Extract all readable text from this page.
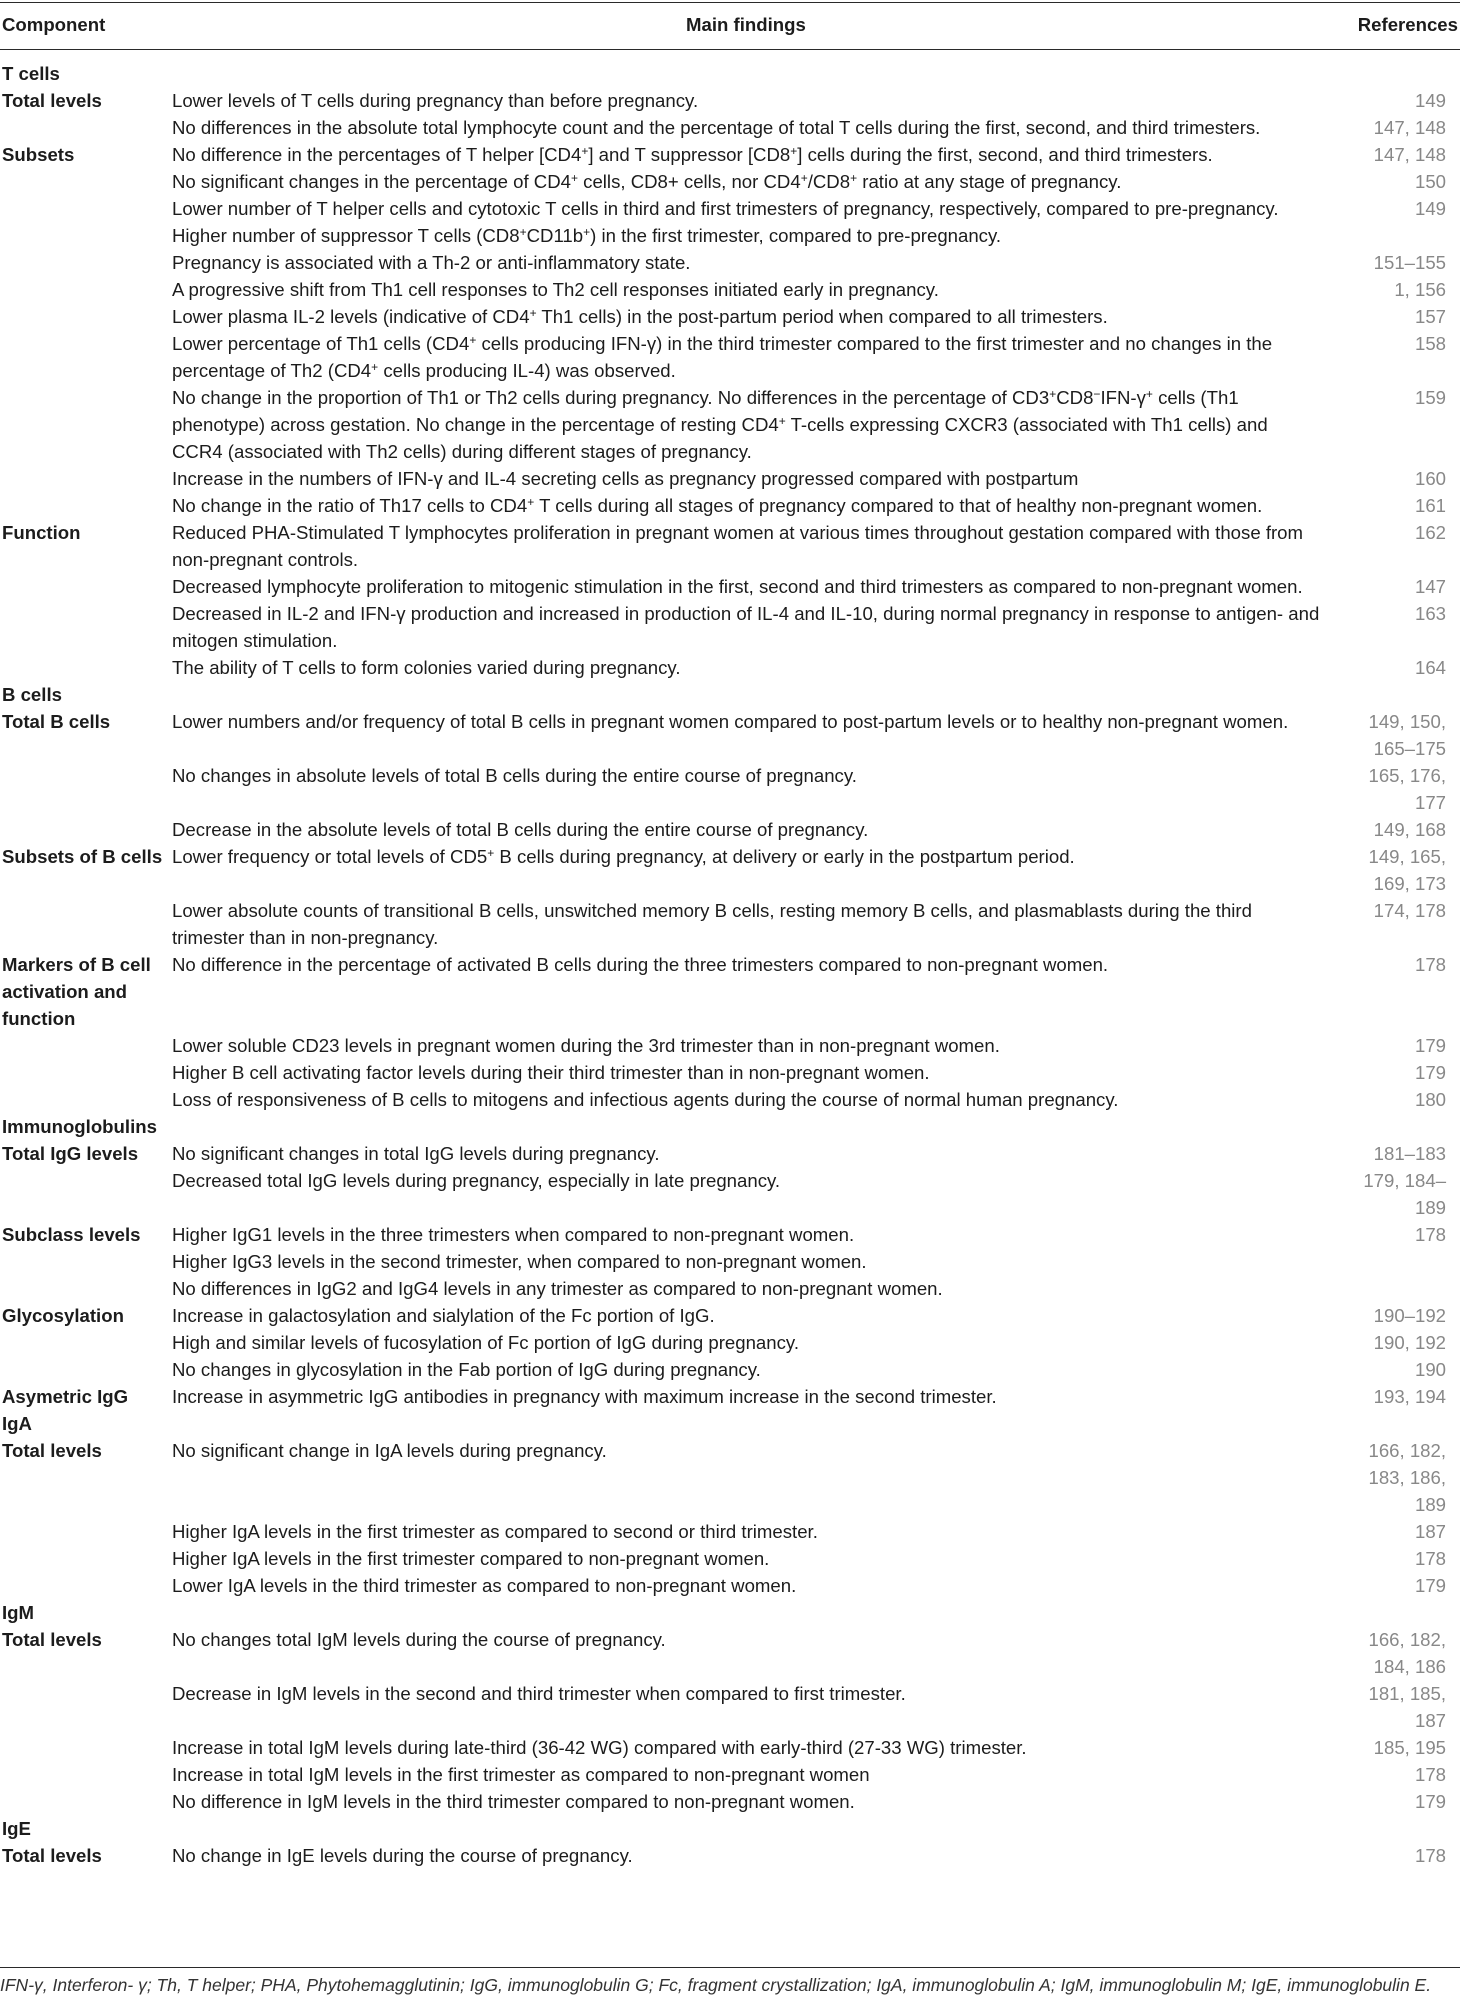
Component	Main findings	References
T cells		
Total levels	Lower levels of T cells during pregnancy than before pregnancy.	149
	No differences in the absolute total lymphocyte count and the percentage of total T cells during the first, second, and third trimesters.	147, 148
Subsets	No difference in the percentages of T helper [CD4+] and T suppressor [CD8+] cells during the first, second, and third trimesters.	147, 148
	No significant changes in the percentage of CD4+ cells, CD8+ cells, nor CD4+/CD8+ ratio at any stage of pregnancy.	150
	Lower number of T helper cells and cytotoxic T cells in third and first trimesters of pregnancy, respectively, compared to pre-pregnancy. Higher number of suppressor T cells (CD8+CD11b+) in the first trimester, compared to pre-pregnancy.	149
	Pregnancy is associated with a Th-2 or anti-inflammatory state.	151–155
	A progressive shift from Th1 cell responses to Th2 cell responses initiated early in pregnancy.	1, 156
	Lower plasma IL-2 levels (indicative of CD4+ Th1 cells) in the post-partum period when compared to all trimesters.	157
	Lower percentage of Th1 cells (CD4+ cells producing IFN-γ) in the third trimester compared to the first trimester and no changes in the percentage of Th2 (CD4+ cells producing IL-4) was observed.	158
	No change in the proportion of Th1 or Th2 cells during pregnancy. No differences in the percentage of CD3+CD8−IFN-γ+ cells (Th1 phenotype) across gestation. No change in the percentage of resting CD4+ T-cells expressing CXCR3 (associated with Th1 cells) and CCR4 (associated with Th2 cells) during different stages of pregnancy.	159
	Increase in the numbers of IFN-γ and IL-4 secreting cells as pregnancy progressed compared with postpartum	160
	No change in the ratio of Th17 cells to CD4+ T cells during all stages of pregnancy compared to that of healthy non-pregnant women.	161
Function	Reduced PHA-Stimulated T lymphocytes proliferation in pregnant women at various times throughout gestation compared with those from non-pregnant controls.	162
	Decreased lymphocyte proliferation to mitogenic stimulation in the first, second and third trimesters as compared to non-pregnant women.	147
	Decreased in IL-2 and IFN-γ production and increased in production of IL-4 and IL-10, during normal pregnancy in response to antigen- and mitogen stimulation.	163
	The ability of T cells to form colonies varied during pregnancy.	164
B cells		
Total B cells	Lower numbers and/or frequency of total B cells in pregnant women compared to post-partum levels or to healthy non-pregnant women.	149, 150,
165–175
	No changes in absolute levels of total B cells during the entire course of pregnancy.	165, 176,
177
	Decrease in the absolute levels of total B cells during the entire course of pregnancy.	149, 168
Subsets of B cells	Lower frequency or total levels of CD5+ B cells during pregnancy, at delivery or early in the postpartum period.	149, 165,
169, 173
	Lower absolute counts of transitional B cells, unswitched memory B cells, resting memory B cells, and plasmablasts during the third trimester than in non-pregnancy.	174, 178
Markers of B cell activation and function	No difference in the percentage of activated B cells during the three trimesters compared to non-pregnant women.	178
	Lower soluble CD23 levels in pregnant women during the 3rd trimester than in non-pregnant women.	179
	Higher B cell activating factor levels during their third trimester than in non-pregnant women.	179
	Loss of responsiveness of B cells to mitogens and infectious agents during the course of normal human pregnancy.	180
Immunoglobulins		
Total IgG levels	No significant changes in total IgG levels during pregnancy.	181–183
	Decreased total IgG levels during pregnancy, especially in late pregnancy.	179, 184–
189
Subclass levels	Higher IgG1 levels in the three trimesters when compared to non-pregnant women.	178
	Higher IgG3 levels in the second trimester, when compared to non-pregnant women.	
	No differences in IgG2 and IgG4 levels in any trimester as compared to non-pregnant women.	
Glycosylation	Increase in galactosylation and sialylation of the Fc portion of IgG.	190–192
	High and similar levels of fucosylation of Fc portion of IgG during pregnancy.	190, 192
	No changes in glycosylation in the Fab portion of IgG during pregnancy.	190
Asymetric IgG	Increase in asymmetric IgG antibodies in pregnancy with maximum increase in the second trimester.	193, 194
IgA		
Total levels	No significant change in IgA levels during pregnancy.	166, 182,
183, 186,
189
	Higher IgA levels in the first trimester as compared to second or third trimester.	187
	Higher IgA levels in the first trimester compared to non-pregnant women.	178
	Lower IgA levels in the third trimester as compared to non-pregnant women.	179
IgM		
Total levels	No changes total IgM levels during the course of pregnancy.	166, 182,
184, 186
	Decrease in IgM levels in the second and third trimester when compared to first trimester.	181, 185,
187
	Increase in total IgM levels during late-third (36-42 WG) compared with early-third (27-33 WG) trimester.	185, 195
	Increase in total IgM levels in the first trimester as compared to non-pregnant women	178
	No difference in IgM levels in the third trimester compared to non-pregnant women.	179
IgE		
Total levels	No change in IgE levels during the course of pregnancy.	178
IFN-γ, Interferon- γ; Th, T helper; PHA, Phytohemagglutinin; IgG, immunoglobulin G; Fc, fragment crystallization; IgA, immunoglobulin A; IgM, immunoglobulin M; IgE, immunoglobulin E.
